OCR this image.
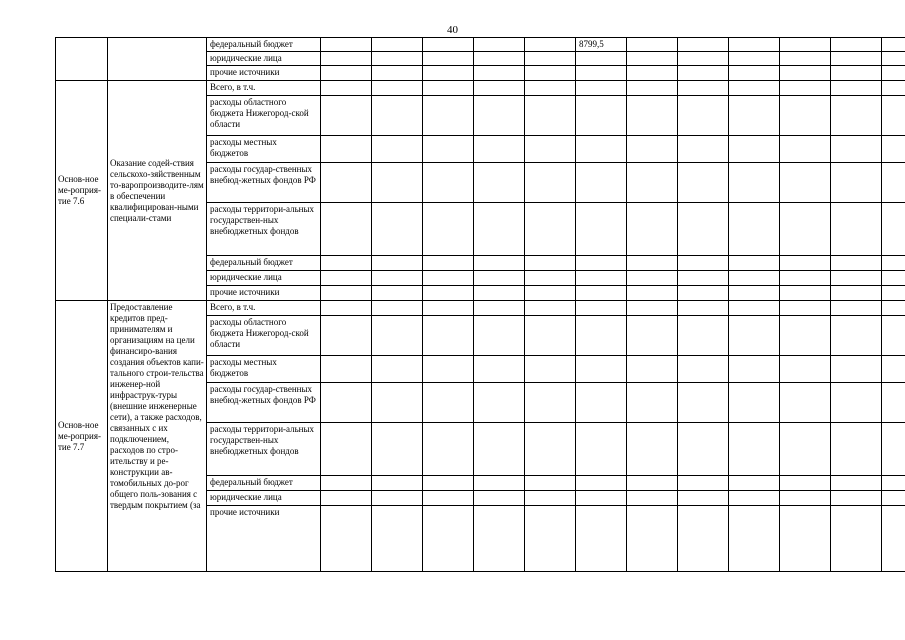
40
		федеральный бюджет						8799,5						
		юридические лица												
		прочие источники												
Основ-ное ме-роприя-тие 7.6	Оказание содей-ствия сельскохо-зяйственным то-варопроизводите-лям в обеспечении квалифицирован-ными специали-стами	Всего, в т.ч.												
		расходы областного бюджета Нижегород-ской области												
		расходы местных бюджетов												
		расходы государ-ственных внебюд-жетных фондов РФ												
		расходы территори-альных государствен-ных внебюджетных фондов												
		федеральный бюджет												
		юридические лица												
		прочие источники												
Основ-ное ме-роприя-тие 7.7	Предоставление кредитов пред-принимателям и организациям на цели финансиро-вания создания объектов капи-тального строи-тельства инженер-ной инфраструк-туры (внешние инженерные сети), а также расходов, связанных с их подключением, расходов по стро-ительству и ре-конструкции ав-томобильных до-рог общего поль-зования с твердым покрытием (за	Всего, в т.ч.												
		расходы областного бюджета Нижегород-ской области												
		расходы местных бюджетов												
		расходы государ-ственных внебюд-жетных фондов РФ												
		расходы территори-альных государствен-ных внебюджетных фондов												
		федеральный бюджет												
		юридические лица												
		прочие источники												
